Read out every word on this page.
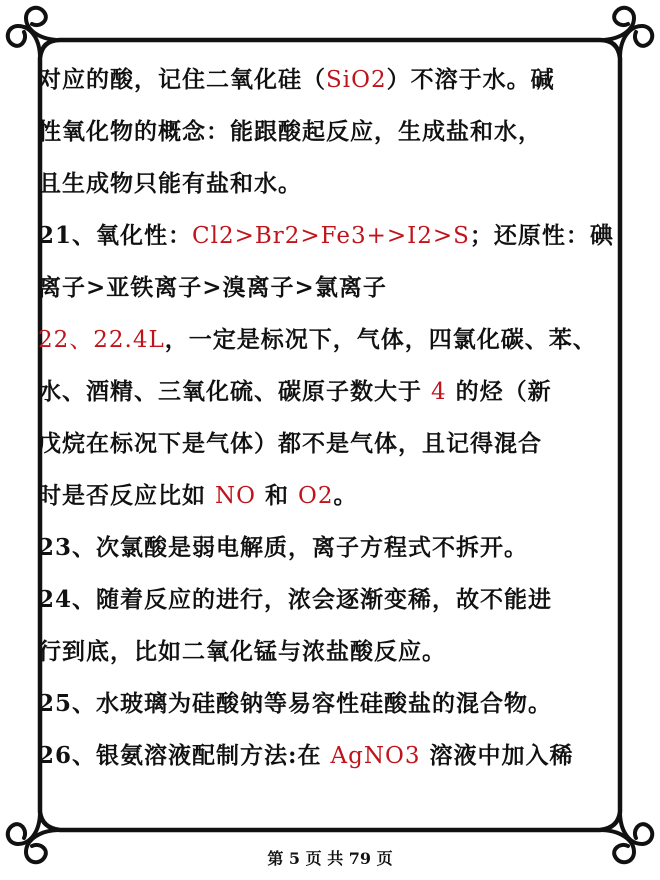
对应的酸，记住二氧化硅（SiO2）不溶于水。碱
性氧化物的概念：能跟酸起反应，生成盐和水，
且生成物只能有盐和水。
21、氧化性：Cl2>Br2>Fe3+>I2>S；还原性：碘
离子>亚铁离子>溴离子>氯离子
22、22.4L，一定是标况下，气体，四氯化碳、苯、
水、酒精、三氧化硫、碳原子数大于 4 的烃（新
戊烷在标况下是气体）都不是气体，且记得混合
时是否反应比如 NO 和 O2。
23、次氯酸是弱电解质，离子方程式不拆开。
24、随着反应的进行，浓会逐渐变稀，故不能进
行到底，比如二氧化锰与浓盐酸反应。
25、水玻璃为硅酸钠等易容性硅酸盐的混合物。
26、银氨溶液配制方法:在 AgNO3 溶液中加入稀
第 5 页 共 79 页
